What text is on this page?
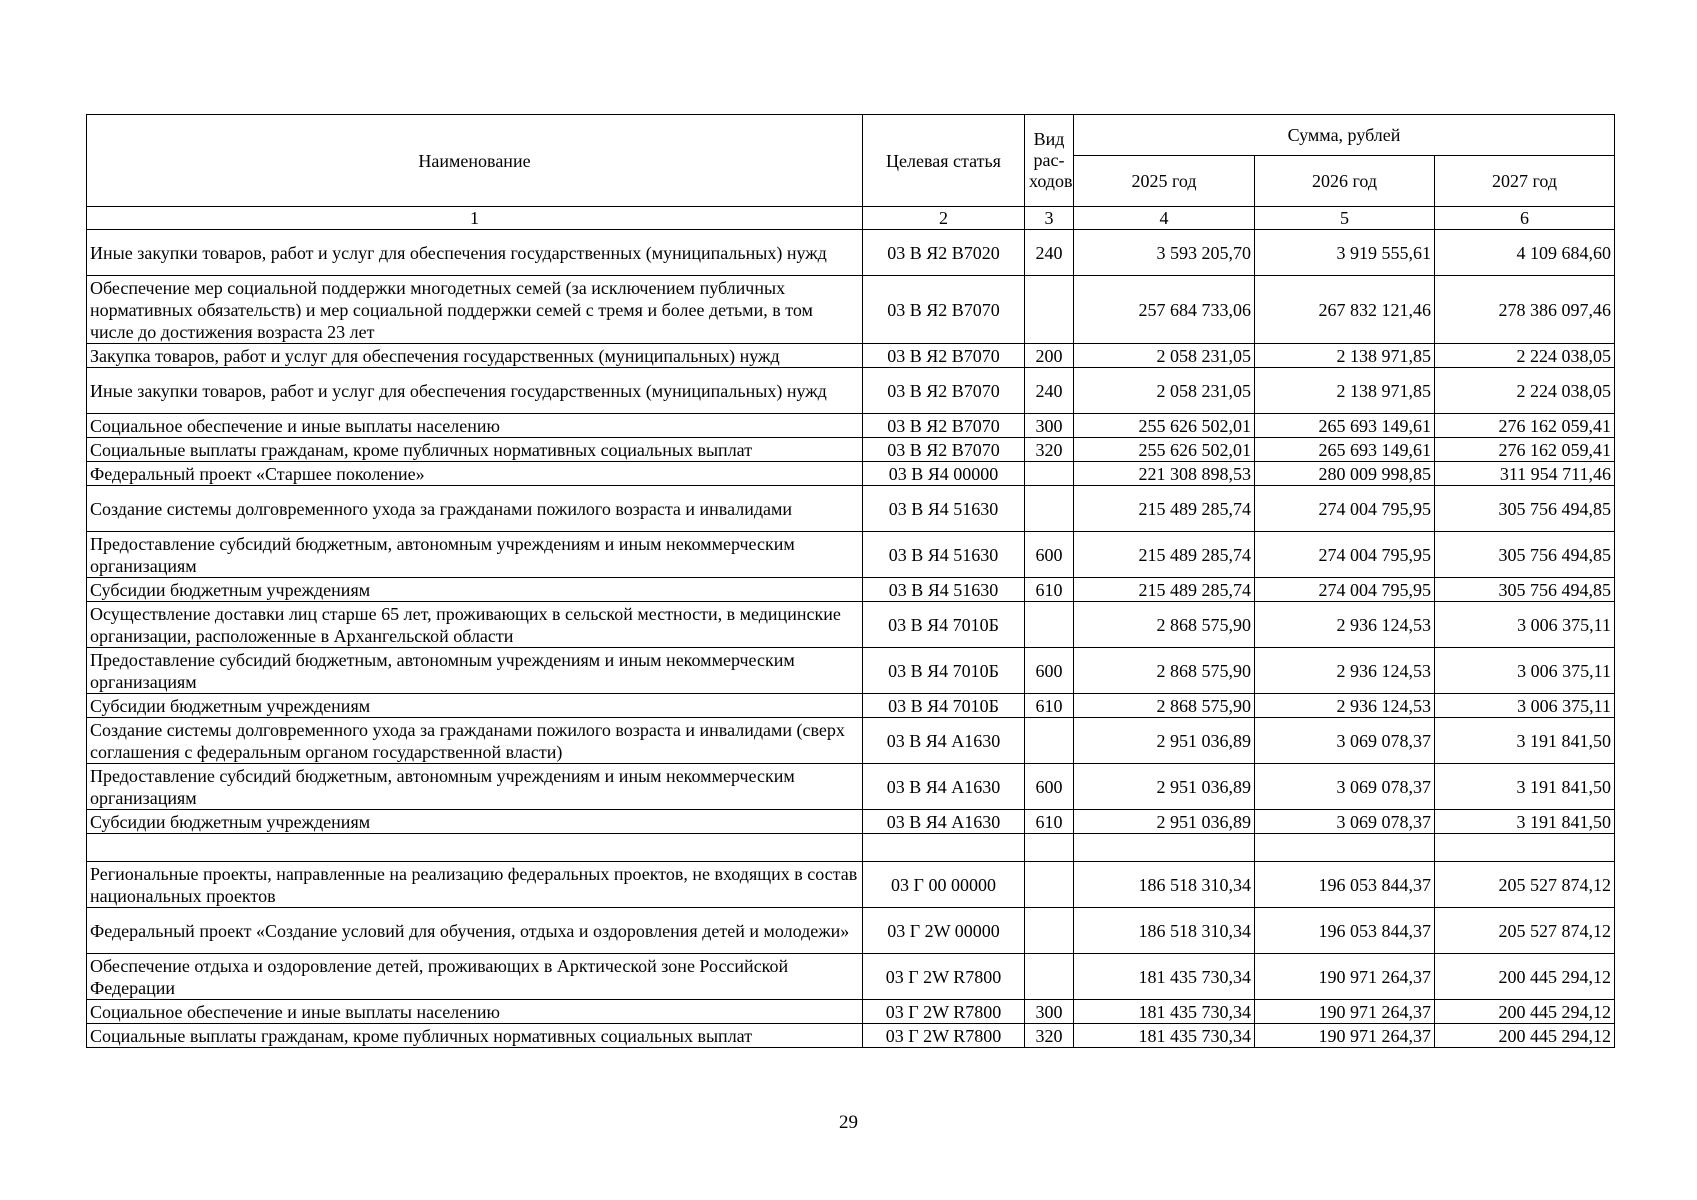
Наименование	Целевая статья	Вид рас-ходов	Сумма, рублей		
			2025 год	2026 год	2027 год
1	2	3	4	5	6
Иные закупки товаров, работ и услуг для обеспечения государственных (муниципальных) нужд	03 В Я2 В7020	240	3 593 205,70	3 919 555,61	4 109 684,60
Обеспечение мер социальной поддержки многодетных семей (за исключением публичных нормативных обязательств) и мер социальной поддержки семей с тремя и более детьми, в том числе до достижения возраста 23 лет	03 В Я2 В7070		257 684 733,06	267 832 121,46	278 386 097,46
Закупка товаров, работ и услуг для обеспечения государственных (муниципальных) нужд	03 В Я2 В7070	200	2 058 231,05	2 138 971,85	2 224 038,05
Иные закупки товаров, работ и услуг для обеспечения государственных (муниципальных) нужд	03 В Я2 В7070	240	2 058 231,05	2 138 971,85	2 224 038,05
Социальное обеспечение и иные выплаты населению	03 В Я2 В7070	300	255 626 502,01	265 693 149,61	276 162 059,41
Социальные выплаты гражданам, кроме публичных нормативных социальных выплат	03 В Я2 В7070	320	255 626 502,01	265 693 149,61	276 162 059,41
Федеральный проект «Старшее поколение»	03 В Я4 00000		221 308 898,53	280 009 998,85	311 954 711,46
Создание системы долговременного ухода за гражданами пожилого возраста и инвалидами	03 В Я4 51630		215 489 285,74	274 004 795,95	305 756 494,85
Предоставление субсидий бюджетным, автономным учреждениям и иным некоммерческим организациям	03 В Я4 51630	600	215 489 285,74	274 004 795,95	305 756 494,85
Субсидии бюджетным учреждениям	03 В Я4 51630	610	215 489 285,74	274 004 795,95	305 756 494,85
Осуществление доставки лиц старше 65 лет, проживающих в сельской местности, в медицинские организации, расположенные в Архангельской области	03 В Я4 7010Б		2 868 575,90	2 936 124,53	3 006 375,11
Предоставление субсидий бюджетным, автономным учреждениям и иным некоммерческим организациям	03 В Я4 7010Б	600	2 868 575,90	2 936 124,53	3 006 375,11
Субсидии бюджетным учреждениям	03 В Я4 7010Б	610	2 868 575,90	2 936 124,53	3 006 375,11
Создание системы долговременного ухода за гражданами пожилого возраста и инвалидами (сверх соглашения с федеральным органом государственной власти)	03 В Я4 А1630		2 951 036,89	3 069 078,37	3 191 841,50
Предоставление субсидий бюджетным, автономным учреждениям и иным некоммерческим организациям	03 В Я4 А1630	600	2 951 036,89	3 069 078,37	3 191 841,50
Субсидии бюджетным учреждениям	03 В Я4 А1630	610	2 951 036,89	3 069 078,37	3 191 841,50

Региональные проекты, направленные на реализацию федеральных проектов, не входящих в состав национальных проектов	03 Г 00 00000		186 518 310,34	196 053 844,37	205 527 874,12
Федеральный проект «Создание условий для обучения, отдыха и оздоровления детей и молодежи»	03 Г 2W 00000		186 518 310,34	196 053 844,37	205 527 874,12
Обеспечение отдыха и оздоровление детей, проживающих в Арктической зоне Российской Федерации	03 Г 2W R7800		181 435 730,34	190 971 264,37	200 445 294,12
Социальное обеспечение и иные выплаты населению	03 Г 2W R7800	300	181 435 730,34	190 971 264,37	200 445 294,12
Социальные выплаты гражданам, кроме публичных нормативных социальных выплат	03 Г 2W R7800	320	181 435 730,34	190 971 264,37	200 445 294,12
29
